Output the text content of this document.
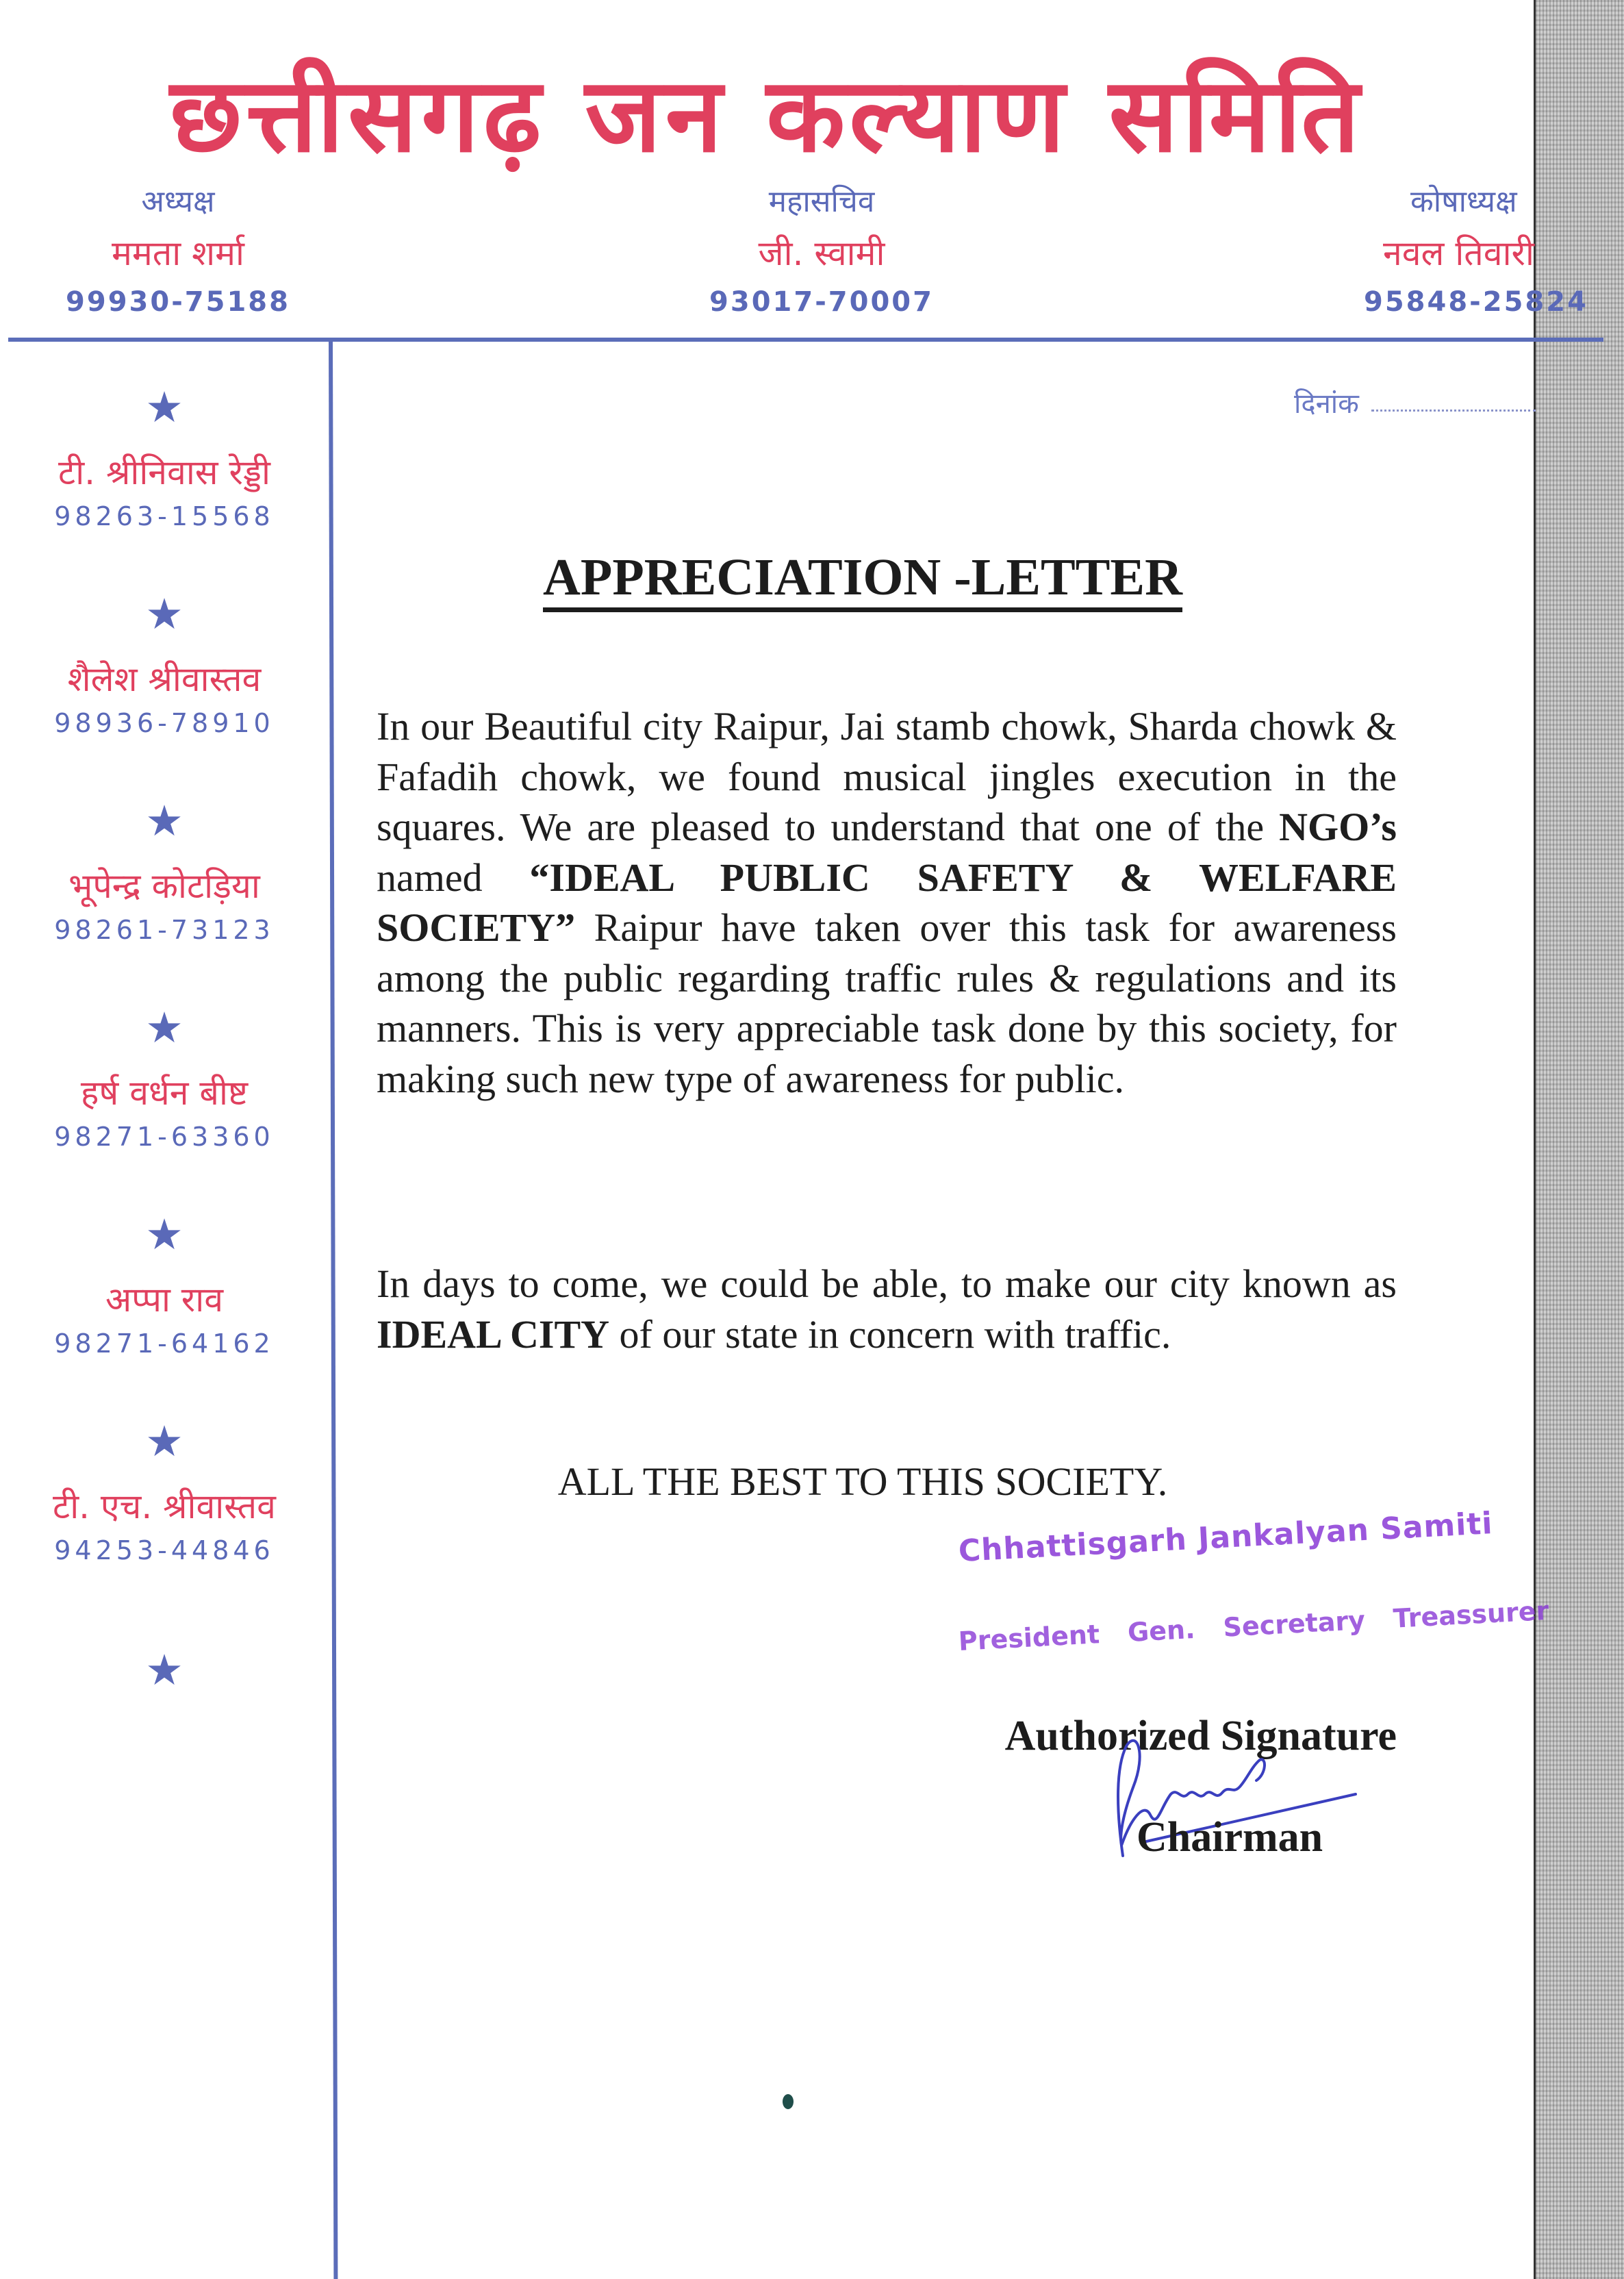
छत्तीसगढ़ जन कल्याण समिति
अध्यक्ष
ममता शर्मा
99930-75188
महासचिव
जी. स्वामी
93017-70007
कोषाध्यक्ष
नवल तिवारी
95848-25824
दिनांक
★
टी. श्रीनिवास रेड्डी
98263-15568
★
शैलेश श्रीवास्तव
98936-78910
★
भूपेन्द्र कोटड़िया
98261-73123
★
हर्ष वर्धन बीष्ट
98271-63360
★
अप्पा राव
98271-64162
★
टी. एच. श्रीवास्तव
94253-44846
★
APPRECIATION -LETTER
In our Beautiful city Raipur, Jai stamb chowk, Sharda chowk & Fafadih chowk, we found musical jingles execution in the squares. We are pleased to understand that one of the NGO’s named “IDEAL PUBLIC SAFETY & WELFARE SOCIETY” Raipur have taken over this task for awareness among the public regarding traffic rules & regulations and its manners. This is very appreciable task done by this society, for making such new type of awareness for public.
In days to come, we could be able, to make our city known as IDEAL CITY of our state in concern with traffic.
ALL THE BEST TO THIS SOCIETY.
Chhattisgarh Jankalyan Samiti
President Gen. Secretary Treassurer
Authorized Signature
Chairman
